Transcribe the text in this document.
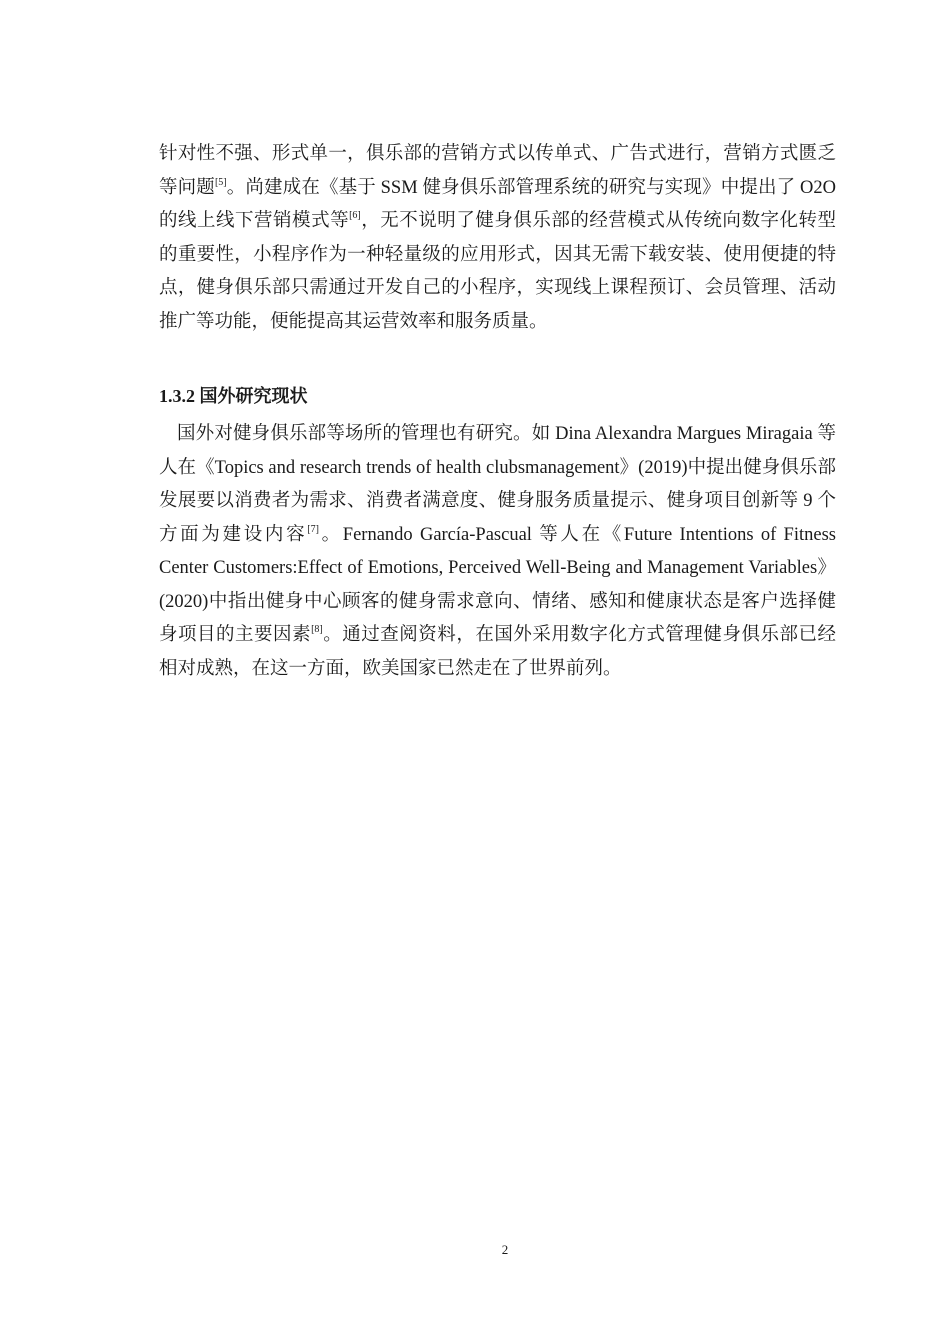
针对性不强、形式单一，俱乐部的营销方式以传单式、广告式进行，营销方式匮乏等问题[5]。尚建成在《基于 SSM 健身俱乐部管理系统的研究与实现》中提出了 O2O 的线上线下营销模式等[6]，无不说明了健身俱乐部的经营模式从传统向数字化转型的重要性，小程序作为一种轻量级的应用形式，因其无需下载安装、使用便捷的特点，健身俱乐部只需通过开发自己的小程序，实现线上课程预订、会员管理、活动推广等功能，便能提高其运营效率和服务质量。

1.3.2 国外研究现状

国外对健身俱乐部等场所的管理也有研究。如 Dina Alexandra Margues Miragaia 等人在《Topics and research trends of health clubsmanagement》(2019)中提出健身俱乐部发展要以消费者为需求、消费者满意度、健身服务质量提示、健身项目创新等 9 个方面为建设内容[7]。Fernando García-Pascual 等人在《Future Intentions of Fitness Center Customers:Effect of Emotions, Perceived Well-Being and Management Variables》(2020)中指出健身中心顾客的健身需求意向、情绪、感知和健康状态是客户选择健身项目的主要因素[8]。通过查阅资料，在国外采用数字化方式管理健身俱乐部已经相对成熟，在这一方面，欧美国家已然走在了世界前列。

2
